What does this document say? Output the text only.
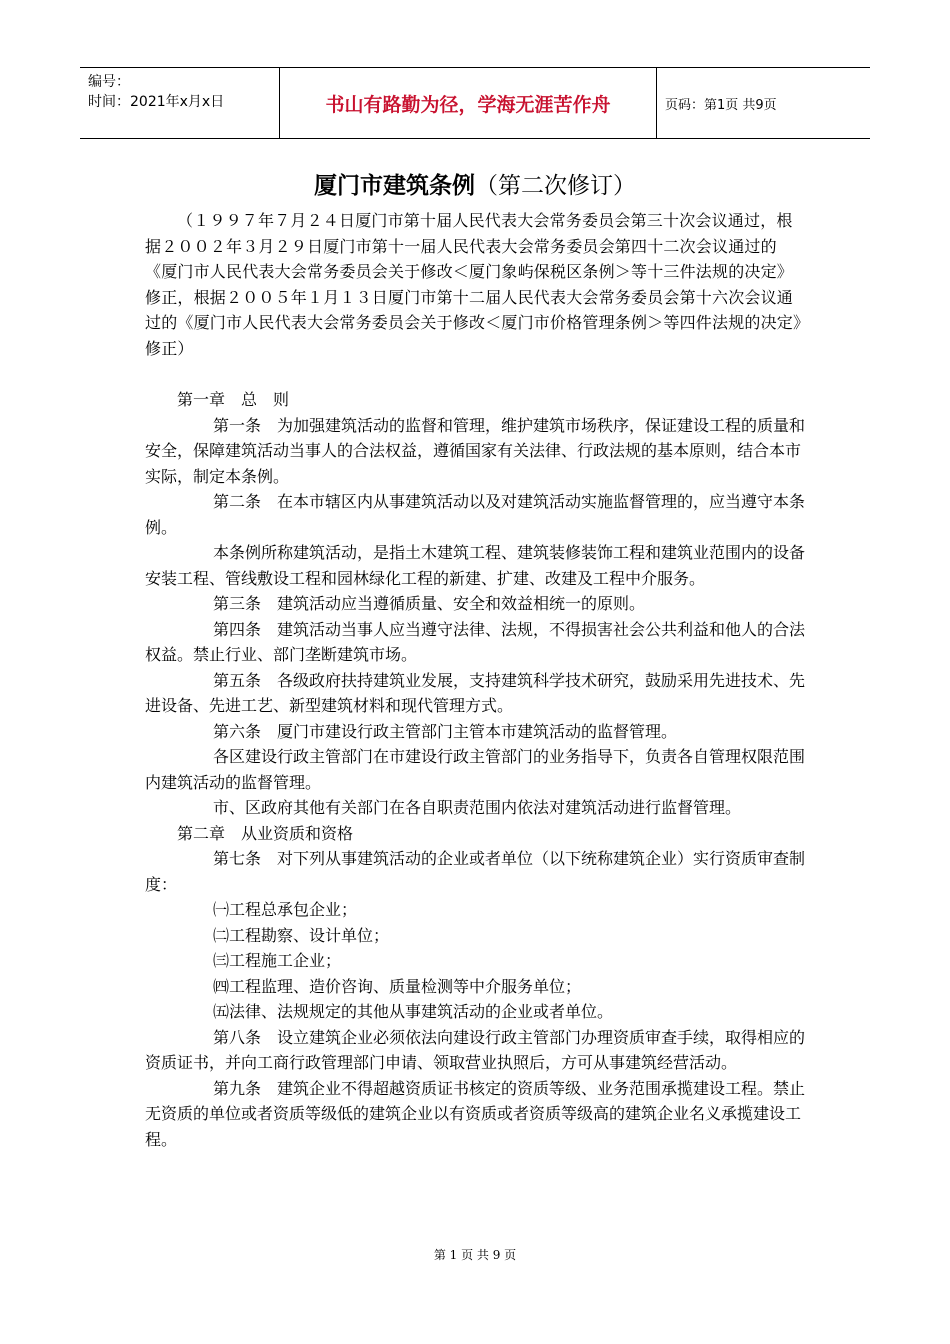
编号：
时间：2021年x月x日	书山有路勤为径，学海无涯苦作舟	页码：第1页 共9页
厦门市建筑条例（第二次修订）

（１９９７年７月２４日厦门市第十届人民代表大会常务委员会第三十次会议通过，根据２００２年３月２９日厦门市第十一届人民代表大会常务委员会第四十二次会议通过的《厦门市人民代表大会常务委员会关于修改＜厦门象屿保税区条例＞等十三件法规的决定》修正，根据２００５年１月１３日厦门市第十二届人民代表大会常务委员会第十六次会议通过的《厦门市人民代表大会常务委员会关于修改＜厦门市价格管理条例＞等四件法规的决定》修正）

第一章　总　则

第一条　为加强建筑活动的监督和管理，维护建筑市场秩序，保证建设工程的质量和安全，保障建筑活动当事人的合法权益，遵循国家有关法律、行政法规的基本原则，结合本市实际，制定本条例。

第二条　在本市辖区内从事建筑活动以及对建筑活动实施监督管理的，应当遵守本条例。

本条例所称建筑活动，是指土木建筑工程、建筑装修装饰工程和建筑业范围内的设备安装工程、管线敷设工程和园林绿化工程的新建、扩建、改建及工程中介服务。

第三条　建筑活动应当遵循质量、安全和效益相统一的原则。

第四条　建筑活动当事人应当遵守法律、法规，不得损害社会公共利益和他人的合法权益。禁止行业、部门垄断建筑市场。

第五条　各级政府扶持建筑业发展，支持建筑科学技术研究，鼓励采用先进技术、先进设备、先进工艺、新型建筑材料和现代管理方式。

第六条　厦门市建设行政主管部门主管本市建筑活动的监督管理。

各区建设行政主管部门在市建设行政主管部门的业务指导下，负责各自管理权限范围内建筑活动的监督管理。

市、区政府其他有关部门在各自职责范围内依法对建筑活动进行监督管理。

第二章　从业资质和资格

第七条　对下列从事建筑活动的企业或者单位（以下统称建筑企业）实行资质审查制度：

㈠工程总承包企业；

㈡工程勘察、设计单位；

㈢工程施工企业；

㈣工程监理、造价咨询、质量检测等中介服务单位；

㈤法律、法规规定的其他从事建筑活动的企业或者单位。

第八条　设立建筑企业必须依法向建设行政主管部门办理资质审查手续，取得相应的资质证书，并向工商行政管理部门申请、领取营业执照后，方可从事建筑经营活动。

第九条　建筑企业不得超越资质证书核定的资质等级、业务范围承揽建设工程。禁止无资质的单位或者资质等级低的建筑企业以有资质或者资质等级高的建筑企业名义承揽建设工程。

第 1 页 共 9 页
